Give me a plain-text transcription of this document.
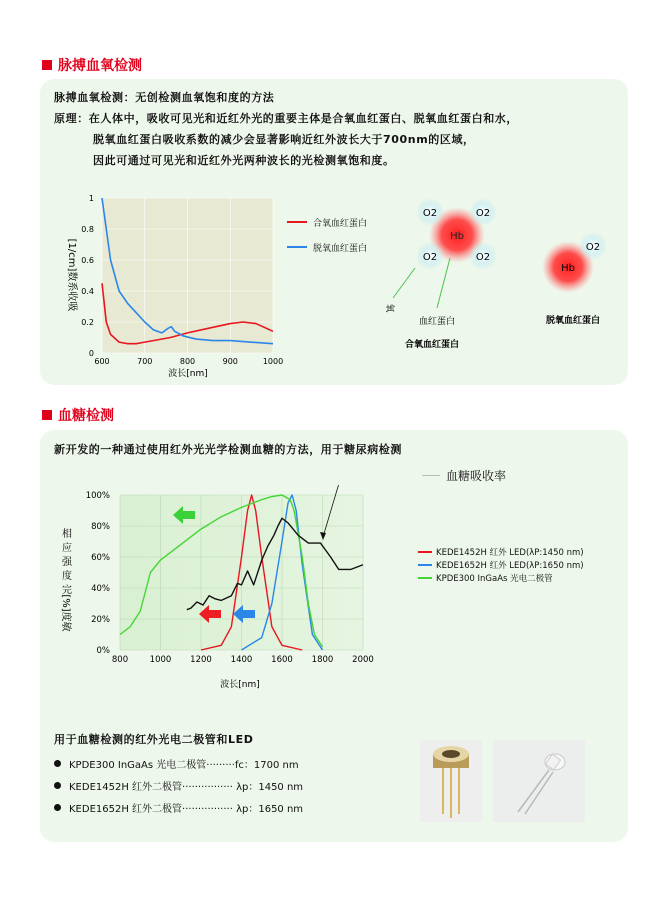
脉搏血氧检测
脉搏血氧检测：无创检测血氧饱和度的方法
原理：在人体中，吸收可见光和近红外光的重要主体是合氧血红蛋白、脱氧血红蛋白和水，
脱氧血红蛋白吸收系数的减少会显著影响近红外波长大于700nm的区域，
因此可通过可见光和近红外光两种波长的光检测氧饱和度。
600	700	800	900	1000
0
0.2
0.4
0.6
0.8
1
[1/cm]数系收吸
波长[nm]
合氧血红蛋白
脱氧血红蛋白
Hb
O2	O2
O2	O2
氧
血红蛋白
合氧血红蛋白
Hb
O2
脱氧血红蛋白
血糖检测
新开发的一种通过使用红外光光学检测血糖的方法，用于糖尿病检测
用于血糖检测的红外光电二极管和LED
KPDE300 InGaAs 光电二极管·········fc：1700 nm
KEDE1452H 红外二极管················ λp：1450 nm
KEDE1652H 红外二极管················ λp：1650 nm
800	1000 1200 1400 1600 1800 2000
0%
20%
40%
60%
80%
100%
相
应
强
度
完
[%]度敏
波长[nm]
血糖吸收率
KEDE1452H 红外 LED(λP:1450 nm)
KEDE1652H 红外 LED(λP:1650 nm)
KPDE300 InGaAs 光电二极管
